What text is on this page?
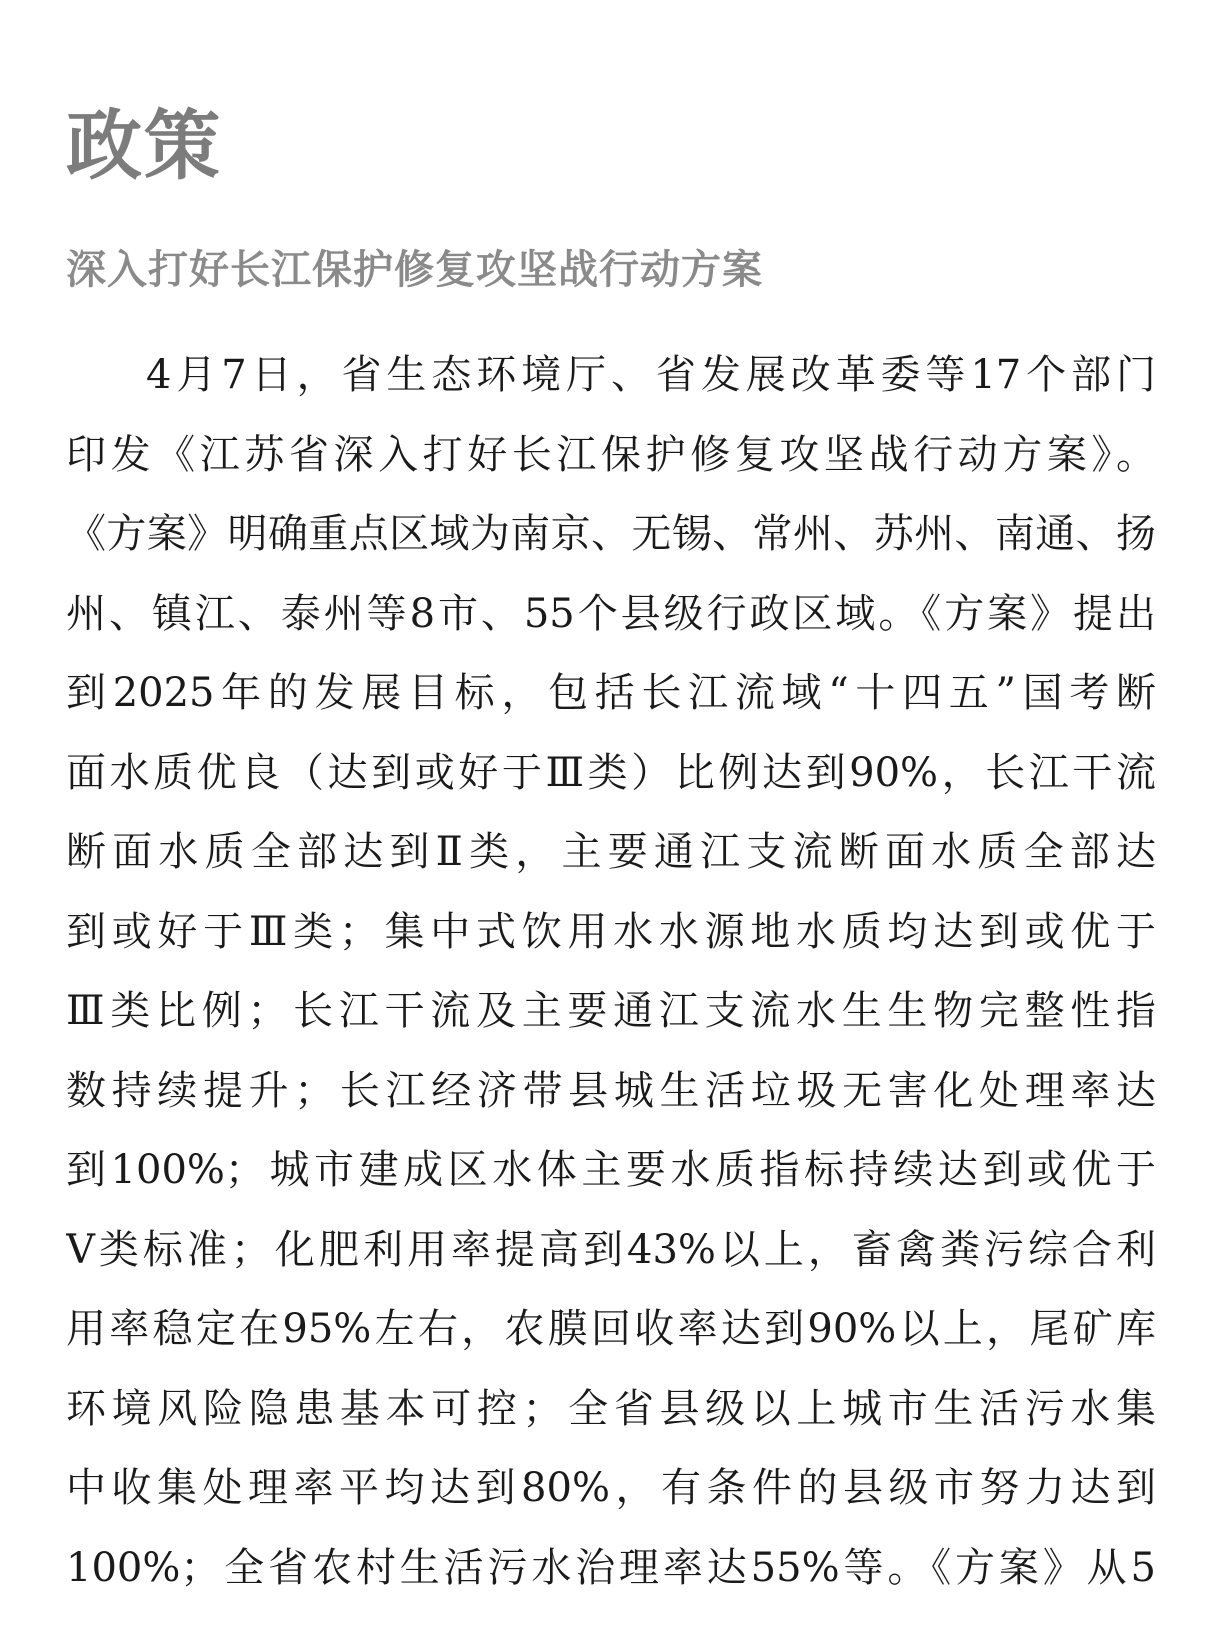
政策
深入打好长江保护修复攻坚战行动方案
4月7日，省生态环境厅、省发展改革委等17个部门
印发《江苏省深入打好长江保护修复攻坚战行动方案》。
《方案》明确重点区域为南京、无锡、常州、苏州、南通、扬
州、镇江、泰州等8市、55个县级行政区域。《方案》提出
到2025年的发展目标，包括长江流域“十四五”国考断
面水质优良（达到或好于Ⅲ类）比例达到90%，长江干流
断面水质全部达到Ⅱ类，主要通江支流断面水质全部达
到或好于Ⅲ类；集中式饮用水水源地水质均达到或优于
Ⅲ类比例；长江干流及主要通江支流水生生物完整性指
数持续提升；长江经济带县城生活垃圾无害化处理率达
到100%；城市建成区水体主要水质指标持续达到或优于
V类标准；化肥利用率提高到43%以上，畜禽粪污综合利
用率稳定在95%左右，农膜回收率达到90%以上，尾矿库
环境风险隐患基本可控；全省县级以上城市生活污水集
中收集处理率平均达到80%，有条件的县级市努力达到
100%；全省农村生活污水治理率达55%等。《方案》从5
